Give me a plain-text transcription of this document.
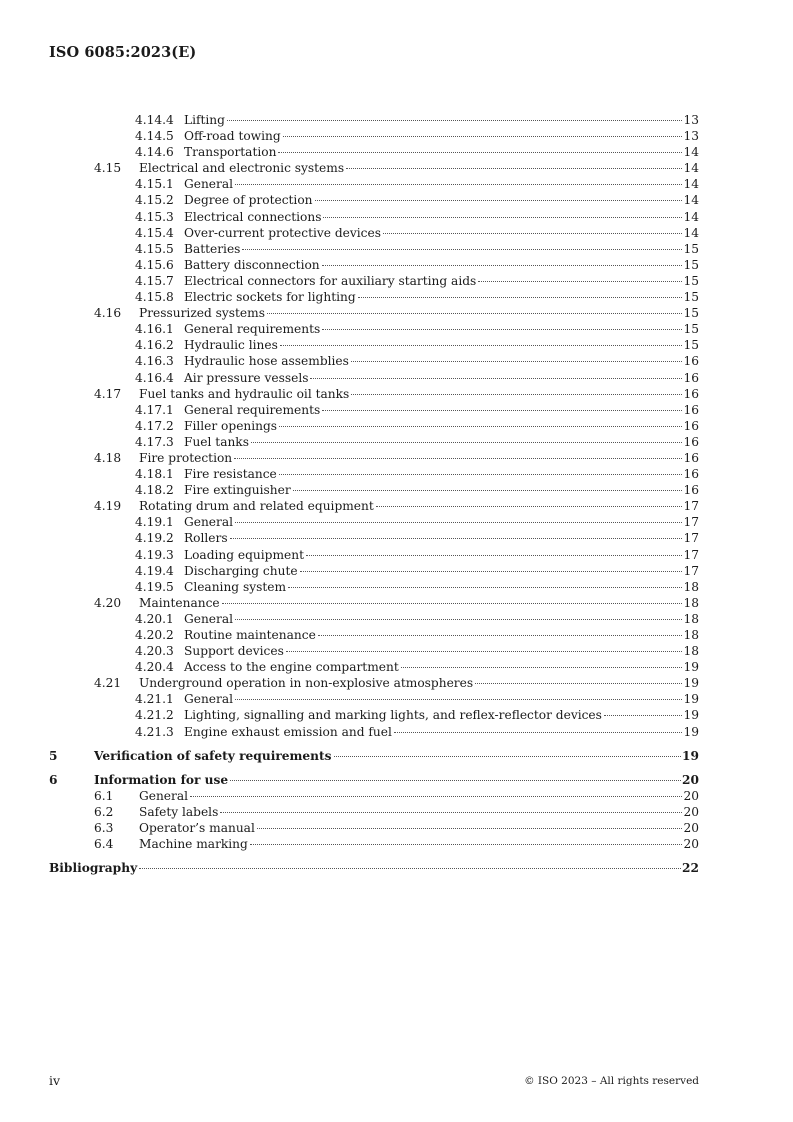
ISO 6085:2023(E)
4.14.4 Lifting	13
4.14.5 Off-road towing	13
4.14.6 Transportation	14
4.15	Electrical and electronic systems	14
4.15.1 General	14
4.15.2 Degree of protection	14
4.15.3 Electrical connections	14
4.15.4 Over-current protective devices	14
4.15.5 Batteries	15
4.15.6 Battery disconnection	15
4.15.7 Electrical connectors for auxiliary starting aids	15
4.15.8 Electric sockets for lighting	15
4.16	Pressurized systems	15
4.16.1 General requirements	15
4.16.2 Hydraulic lines	15
4.16.3 Hydraulic hose assemblies	16
4.16.4 Air pressure vessels	16
4.17	Fuel tanks and hydraulic oil tanks	16
4.17.1 General requirements	16
4.17.2 Filler openings	16
4.17.3 Fuel tanks	16
4.18	Fire protection	16
4.18.1 Fire resistance	16
4.18.2 Fire extinguisher	16
4.19	Rotating drum and related equipment	17
4.19.1 General	17
4.19.2 Rollers	17
4.19.3 Loading equipment	17
4.19.4 Discharging chute	17
4.19.5 Cleaning system	18
4.20	Maintenance	18
4.20.1 General	18
4.20.2 Routine maintenance	18
4.20.3 Support devices	18
4.20.4 Access to the engine compartment	19
4.21	Underground operation in non-explosive atmospheres	19
4.21.1 General	19
4.21.2 Lighting, signalling and marking lights, and reflex-reflector devices	19
4.21.3 Engine exhaust emission and fuel	19
5	Verification of safety requirements	19
6	Information for use	20
6.1	General	20
6.2	Safety labels	20
6.3	Operator’s manual	20
6.4	Machine marking	20
Bibliography	22
iv	© ISO 2023 – All rights reserved
